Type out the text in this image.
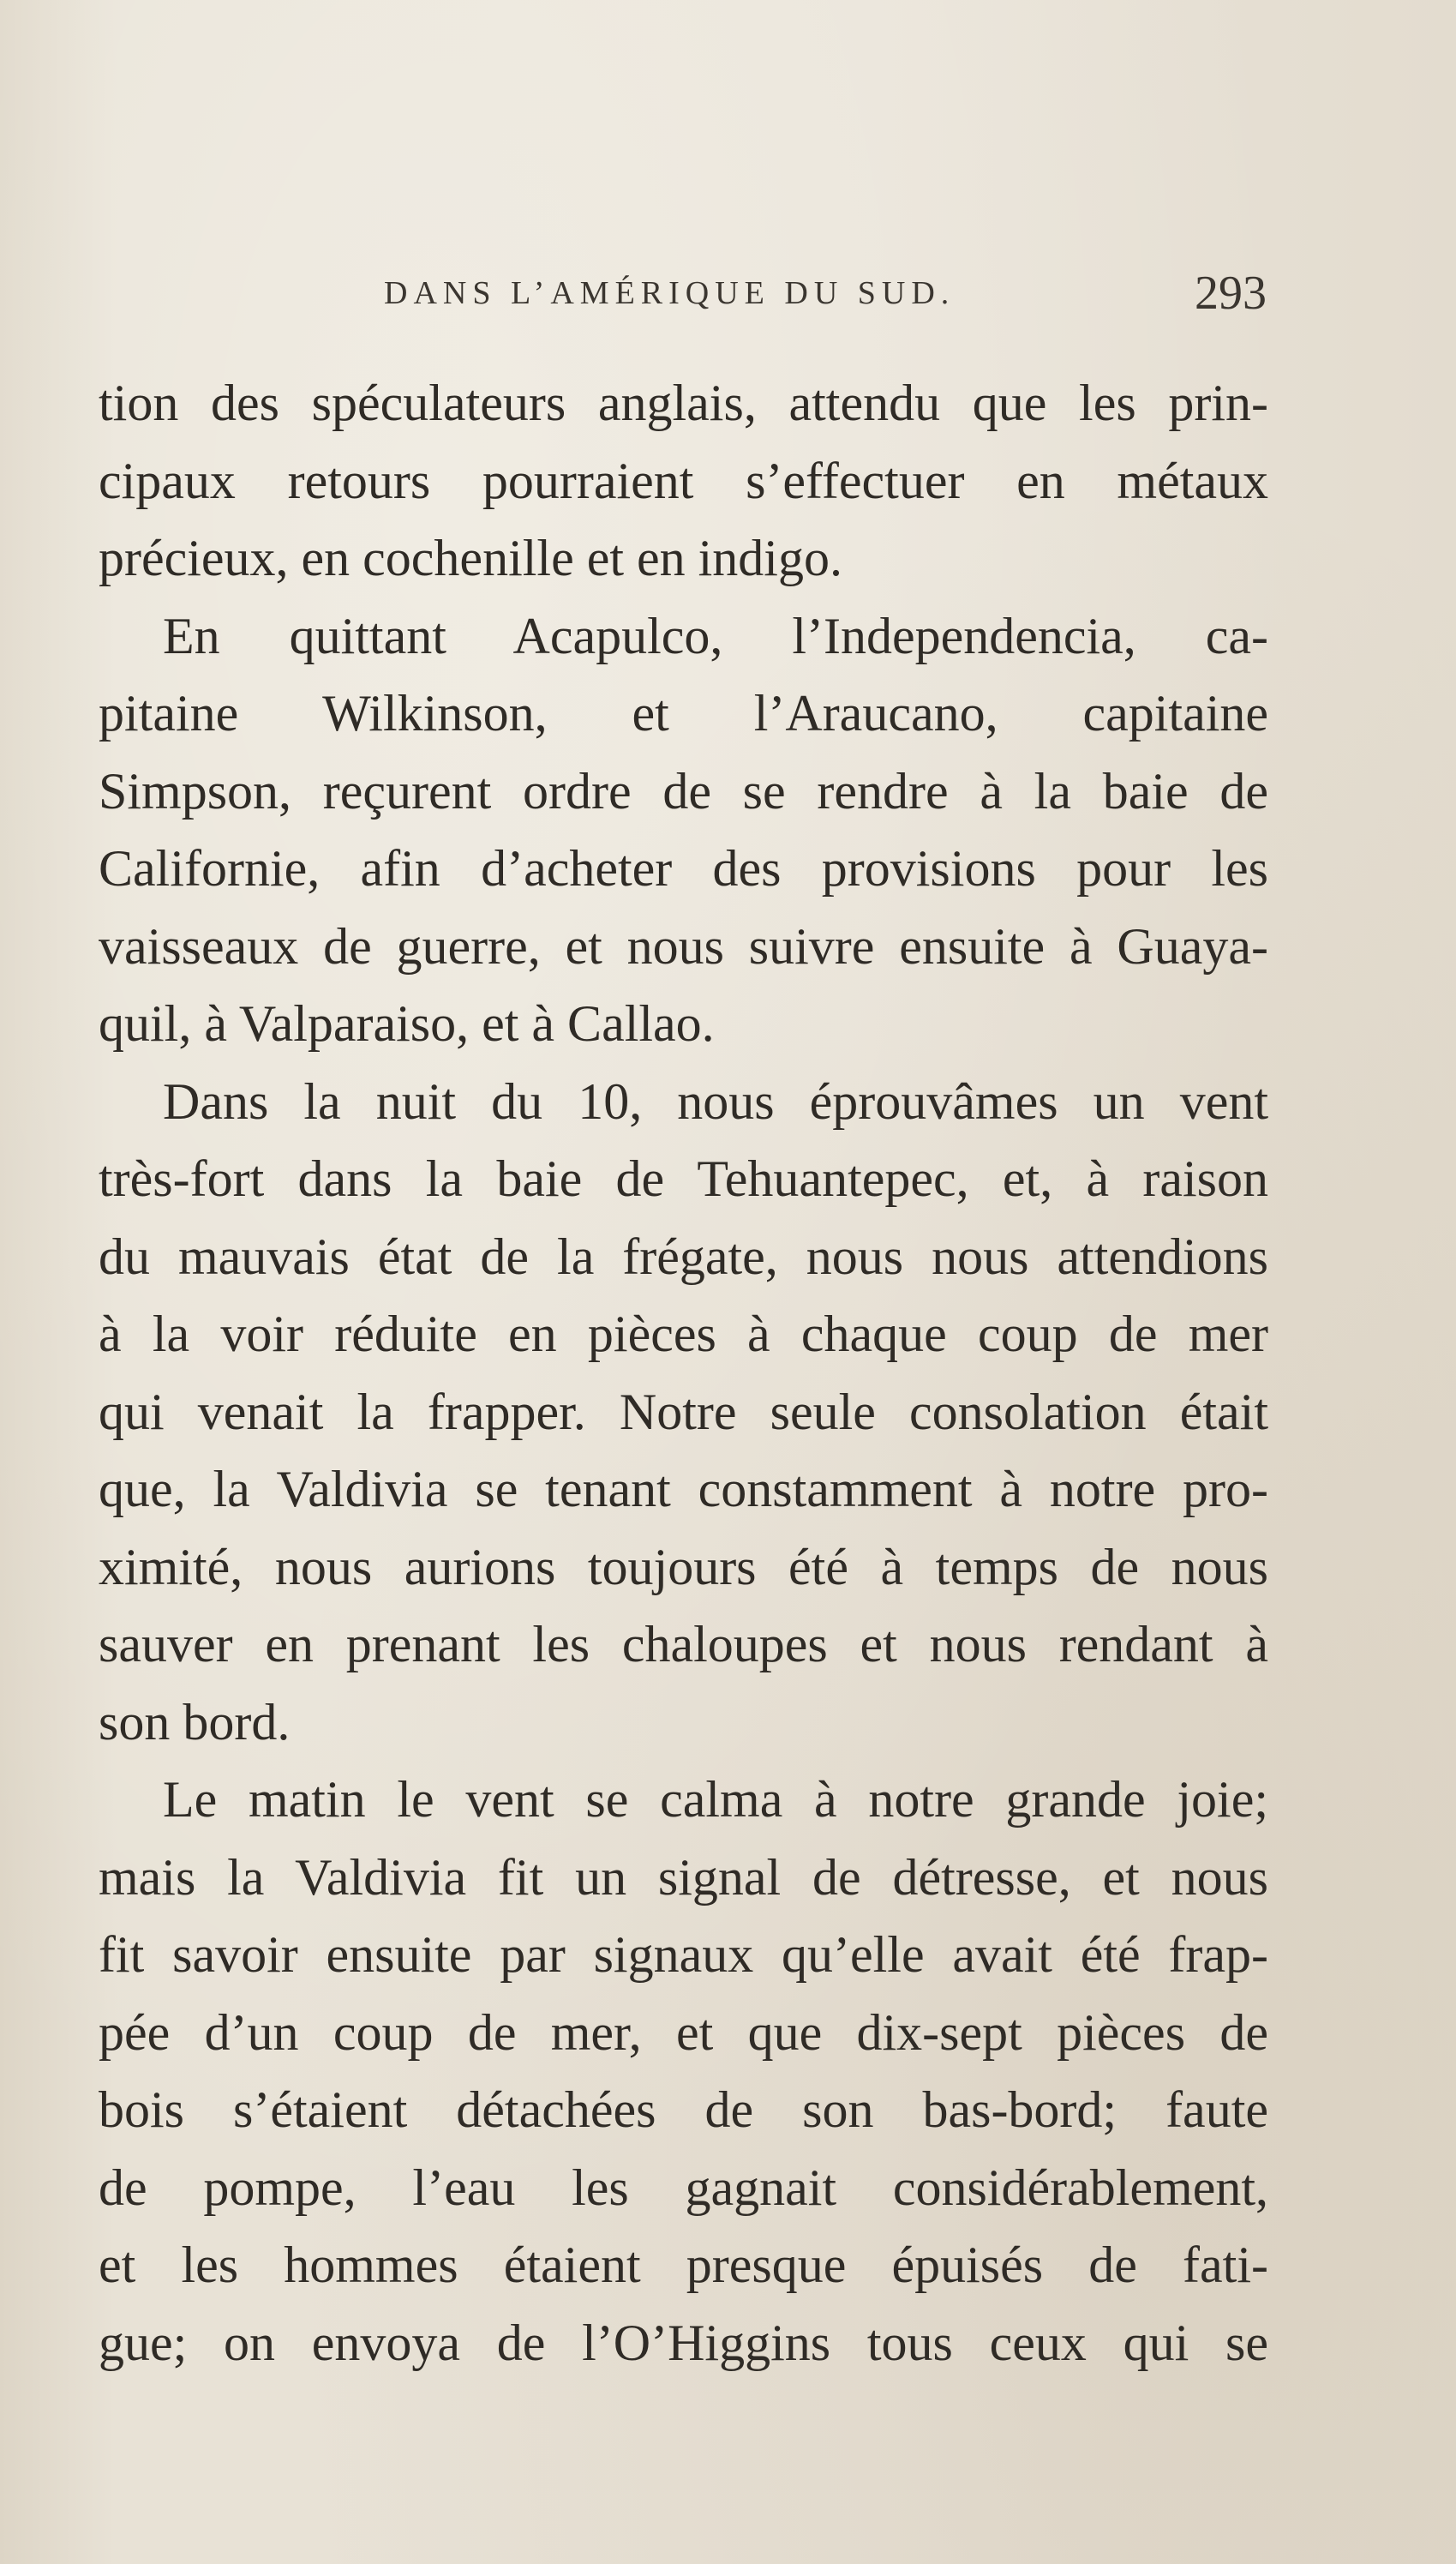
DANS L’AMÉRIQUE DU SUD.	293
tion des spéculateurs anglais, attendu que les prin-
cipaux retours pourraient s’effectuer en métaux
précieux, en cochenille et en indigo.
En quittant Acapulco, l’Independencia, ca-
pitaine Wilkinson, et l’Araucano, capitaine
Simpson, reçurent ordre de se rendre à la baie de
Californie, afin d’acheter des provisions pour les
vaisseaux de guerre, et nous suivre ensuite à Guaya-
quil, à Valparaiso, et à Callao.
Dans la nuit du 10, nous éprouvâmes un vent
très-fort dans la baie de Tehuantepec, et, à raison
du mauvais état de la frégate, nous nous attendions
à la voir réduite en pièces à chaque coup de mer
qui venait la frapper. Notre seule consolation était
que, la Valdivia se tenant constamment à notre pro-
ximité, nous aurions toujours été à temps de nous
sauver en prenant les chaloupes et nous rendant à
son bord.
Le matin le vent se calma à notre grande joie;
mais la Valdivia fit un signal de détresse, et nous
fit savoir ensuite par signaux qu’elle avait été frap-
pée d’un coup de mer, et que dix-sept pièces de
bois s’étaient détachées de son bas-bord; faute
de pompe, l’eau les gagnait considérablement,
et les hommes étaient presque épuisés de fati-
gue; on envoya de l’O’Higgins tous ceux qui se
